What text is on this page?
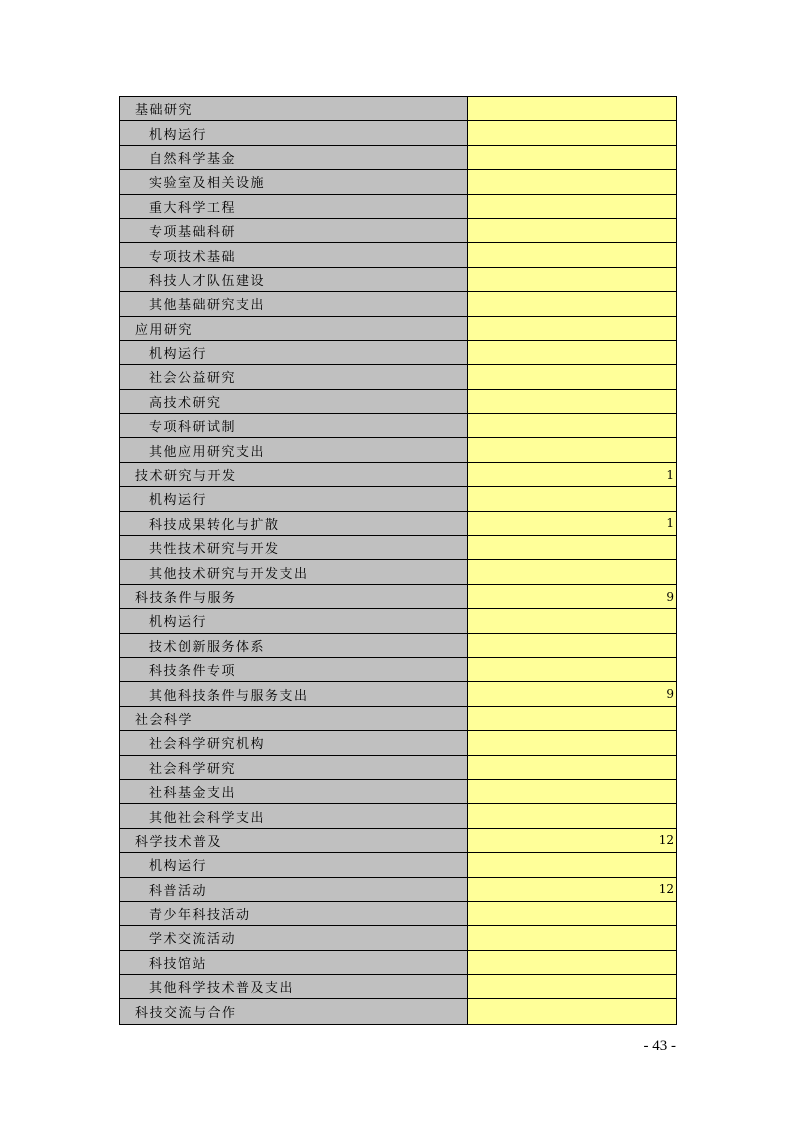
基础研究
机构运行
自然科学基金
实验室及相关设施
重大科学工程
专项基础科研
专项技术基础
科技人才队伍建设
其他基础研究支出
应用研究
机构运行
社会公益研究
高技术研究
专项科研试制
其他应用研究支出
技术研究与开发	1
机构运行
科技成果转化与扩散	1
共性技术研究与开发
其他技术研究与开发支出
科技条件与服务	9
机构运行
技术创新服务体系
科技条件专项
其他科技条件与服务支出	9
社会科学
社会科学研究机构
社会科学研究
社科基金支出
其他社会科学支出
科学技术普及	12
机构运行
科普活动	12
青少年科技活动
学术交流活动
科技馆站
其他科学技术普及支出
科技交流与合作
- 43 -
